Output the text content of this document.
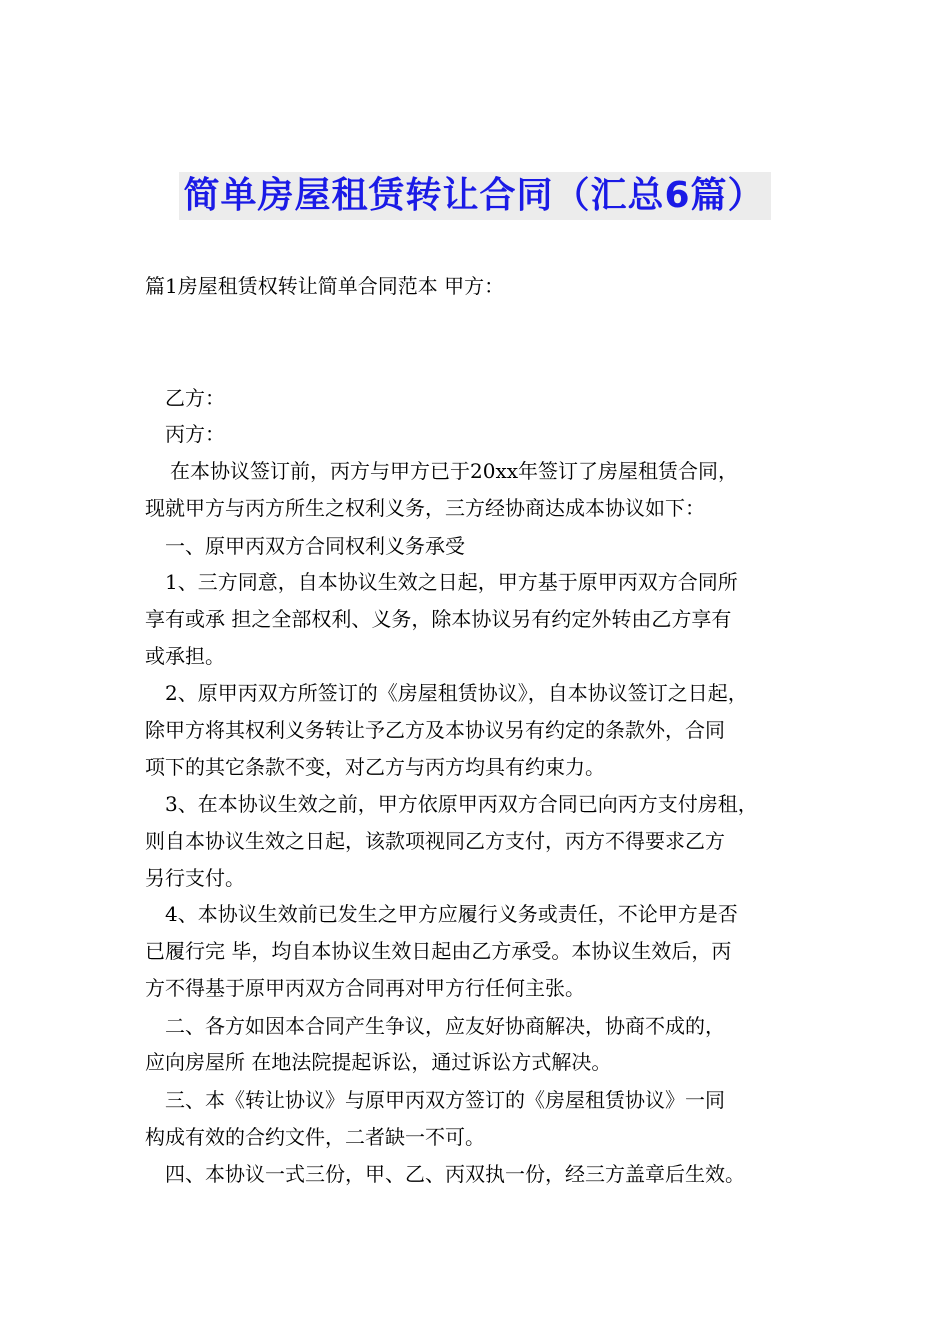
简单房屋租赁转让合同（汇总6篇）
篇1房屋租赁权转让简单合同范本 甲方：
乙方：
丙方：
在本协议签订前，丙方与甲方已于20xx年签订了房屋租赁合同，
现就甲方与丙方所生之权利义务，三方经协商达成本协议如下：
一、原甲丙双方合同权利义务承受
1、三方同意，自本协议生效之日起，甲方基于原甲丙双方合同所
享有或承 担之全部权利、义务，除本协议另有约定外转由乙方享有
或承担。
2、原甲丙双方所签订的《房屋租赁协议》，自本协议签订之日起，
除甲方将其权利义务转让予乙方及本协议另有约定的条款外，合同
项下的其它条款不变，对乙方与丙方均具有约束力。
3、在本协议生效之前，甲方依原甲丙双方合同已向丙方支付房租，
则自本协议生效之日起，该款项视同乙方支付，丙方不得要求乙方
另行支付。
4、本协议生效前已发生之甲方应履行义务或责任，不论甲方是否
已履行完 毕，均自本协议生效日起由乙方承受。本协议生效后，丙
方不得基于原甲丙双方合同再对甲方行任何主张。
二、各方如因本合同产生争议，应友好协商解决，协商不成的，
应向房屋所 在地法院提起诉讼，通过诉讼方式解决。
三、本《转让协议》与原甲丙双方签订的《房屋租赁协议》一同
构成有效的合约文件，二者缺一不可。
四、本协议一式三份，甲、乙、丙双执一份，经三方盖章后生效。
